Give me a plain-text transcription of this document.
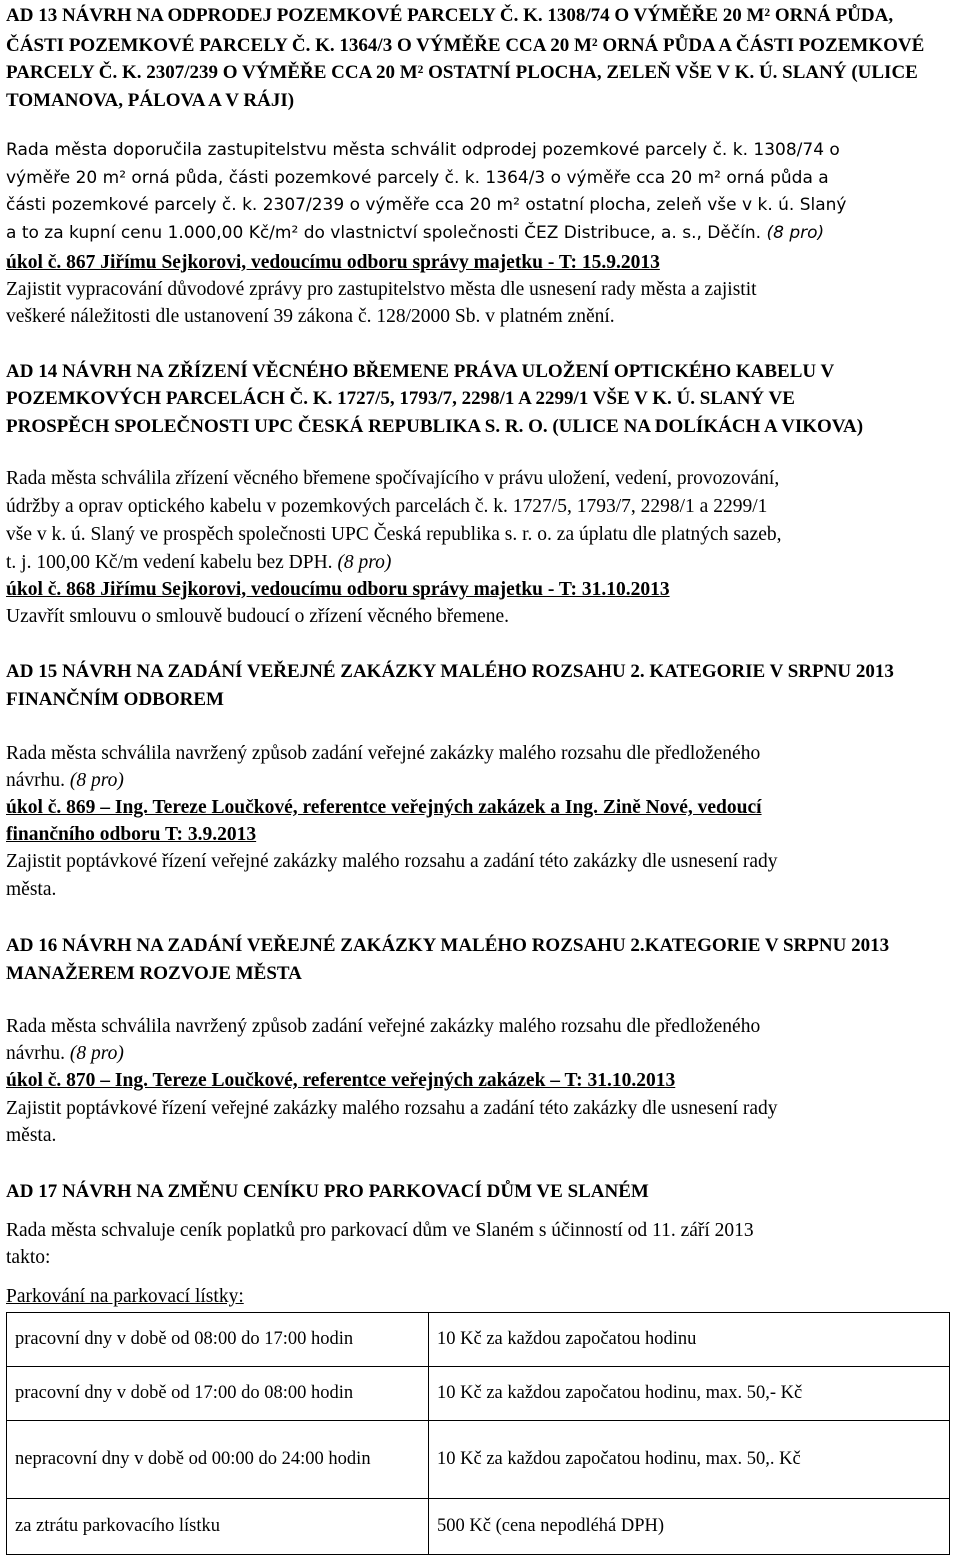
AD 13 NÁVRH NA ODPRODEJ POZEMKOVÉ PARCELY Č. K. 1308/74 O VÝMĚŘE 20 M² ORNÁ PŮDA,
ČÁSTI POZEMKOVÉ PARCELY Č. K. 1364/3 O VÝMĚŘE CCA 20 M² ORNÁ PŮDA A ČÁSTI POZEMKOVÉ
PARCELY Č. K. 2307/239 O VÝMĚŘE CCA 20 M² OSTATNÍ PLOCHA, ZELEŇ VŠE V K. Ú. SLANÝ (ULICE
TOMANOVA, PÁLOVA A V RÁJI)
Rada města doporučila zastupitelstvu města schválit odprodej pozemkové parcely č. k. 1308/74 o
výměře 20 m² orná půda, části pozemkové parcely č. k. 1364/3 o výměře cca 20 m² orná půda a
části pozemkové parcely č. k. 2307/239 o výměře cca 20 m² ostatní plocha, zeleň vše v k. ú. Slaný
a to za kupní cenu 1.000,00 Kč/m² do vlastnictví společnosti ČEZ Distribuce, a. s., Děčín. (8 pro)
úkol č. 867 Jiřímu Sejkorovi, vedoucímu odboru správy majetku - T: 15.9.2013
Zajistit vypracování důvodové zprávy pro zastupitelstvo města dle usnesení rady města a zajistit
veškeré náležitosti dle ustanovení 39 zákona č. 128/2000 Sb. v platném znění.
AD 14 NÁVRH NA ZŘÍZENÍ VĚCNÉHO BŘEMENE PRÁVA ULOŽENÍ OPTICKÉHO KABELU V
POZEMKOVÝCH PARCELÁCH Č. K. 1727/5, 1793/7, 2298/1 A 2299/1 VŠE V K. Ú. SLANÝ VE
PROSPĚCH SPOLEČNOSTI UPC ČESKÁ REPUBLIKA S. R. O. (ULICE NA DOLÍKÁCH A VIKOVA)
Rada města schválila zřízení věcného břemene spočívajícího v právu uložení, vedení, provozování,
údržby a oprav optického kabelu v pozemkových parcelách č. k. 1727/5, 1793/7, 2298/1 a 2299/1
vše v k. ú. Slaný ve prospěch společnosti UPC Česká republika s. r. o. za úplatu dle platných sazeb,
t. j. 100,00 Kč/m vedení kabelu bez DPH. (8 pro)
úkol č. 868 Jiřímu Sejkorovi, vedoucímu odboru správy majetku - T: 31.10.2013
Uzavřít smlouvu o smlouvě budoucí o zřízení věcného břemene.
AD 15 NÁVRH NA ZADÁNÍ VEŘEJNÉ ZAKÁZKY MALÉHO ROZSAHU 2. KATEGORIE V SRPNU 2013
FINANČNÍM ODBOREM
Rada města schválila navržený způsob zadání veřejné zakázky malého rozsahu dle předloženého
návrhu. (8 pro)
úkol č. 869 – Ing. Tereze Loučkové, referentce veřejných zakázek a Ing. Zině Nové, vedoucí
finančního odboru T: 3.9.2013
Zajistit poptávkové řízení veřejné zakázky malého rozsahu a zadání této zakázky dle usnesení rady
města.
AD 16 NÁVRH NA ZADÁNÍ VEŘEJNÉ ZAKÁZKY MALÉHO ROZSAHU 2.KATEGORIE V SRPNU 2013
MANAŽEREM ROZVOJE MĚSTA
Rada města schválila navržený způsob zadání veřejné zakázky malého rozsahu dle předloženého
návrhu. (8 pro)
úkol č. 870 – Ing. Tereze Loučkové, referentce veřejných zakázek – T: 31.10.2013
Zajistit poptávkové řízení veřejné zakázky malého rozsahu a zadání této zakázky dle usnesení rady
města.
AD 17 NÁVRH NA ZMĚNU CENÍKU PRO PARKOVACÍ DŮM VE SLANÉM
Rada města schvaluje ceník poplatků pro parkovací dům ve Slaném s účinností od 11. září 2013
takto:
Parkování na parkovací lístky:
pracovní dny v době od 08:00 do 17:00 hodin	10 Kč za každou započatou hodinu
pracovní dny v době od 17:00 do 08:00 hodin	10 Kč za každou započatou hodinu, max. 50,- Kč
nepracovní dny v době od 00:00 do 24:00 hodin	10 Kč za každou započatou hodinu, max. 50,. Kč
za ztrátu parkovacího lístku	500 Kč (cena nepodléhá DPH)
